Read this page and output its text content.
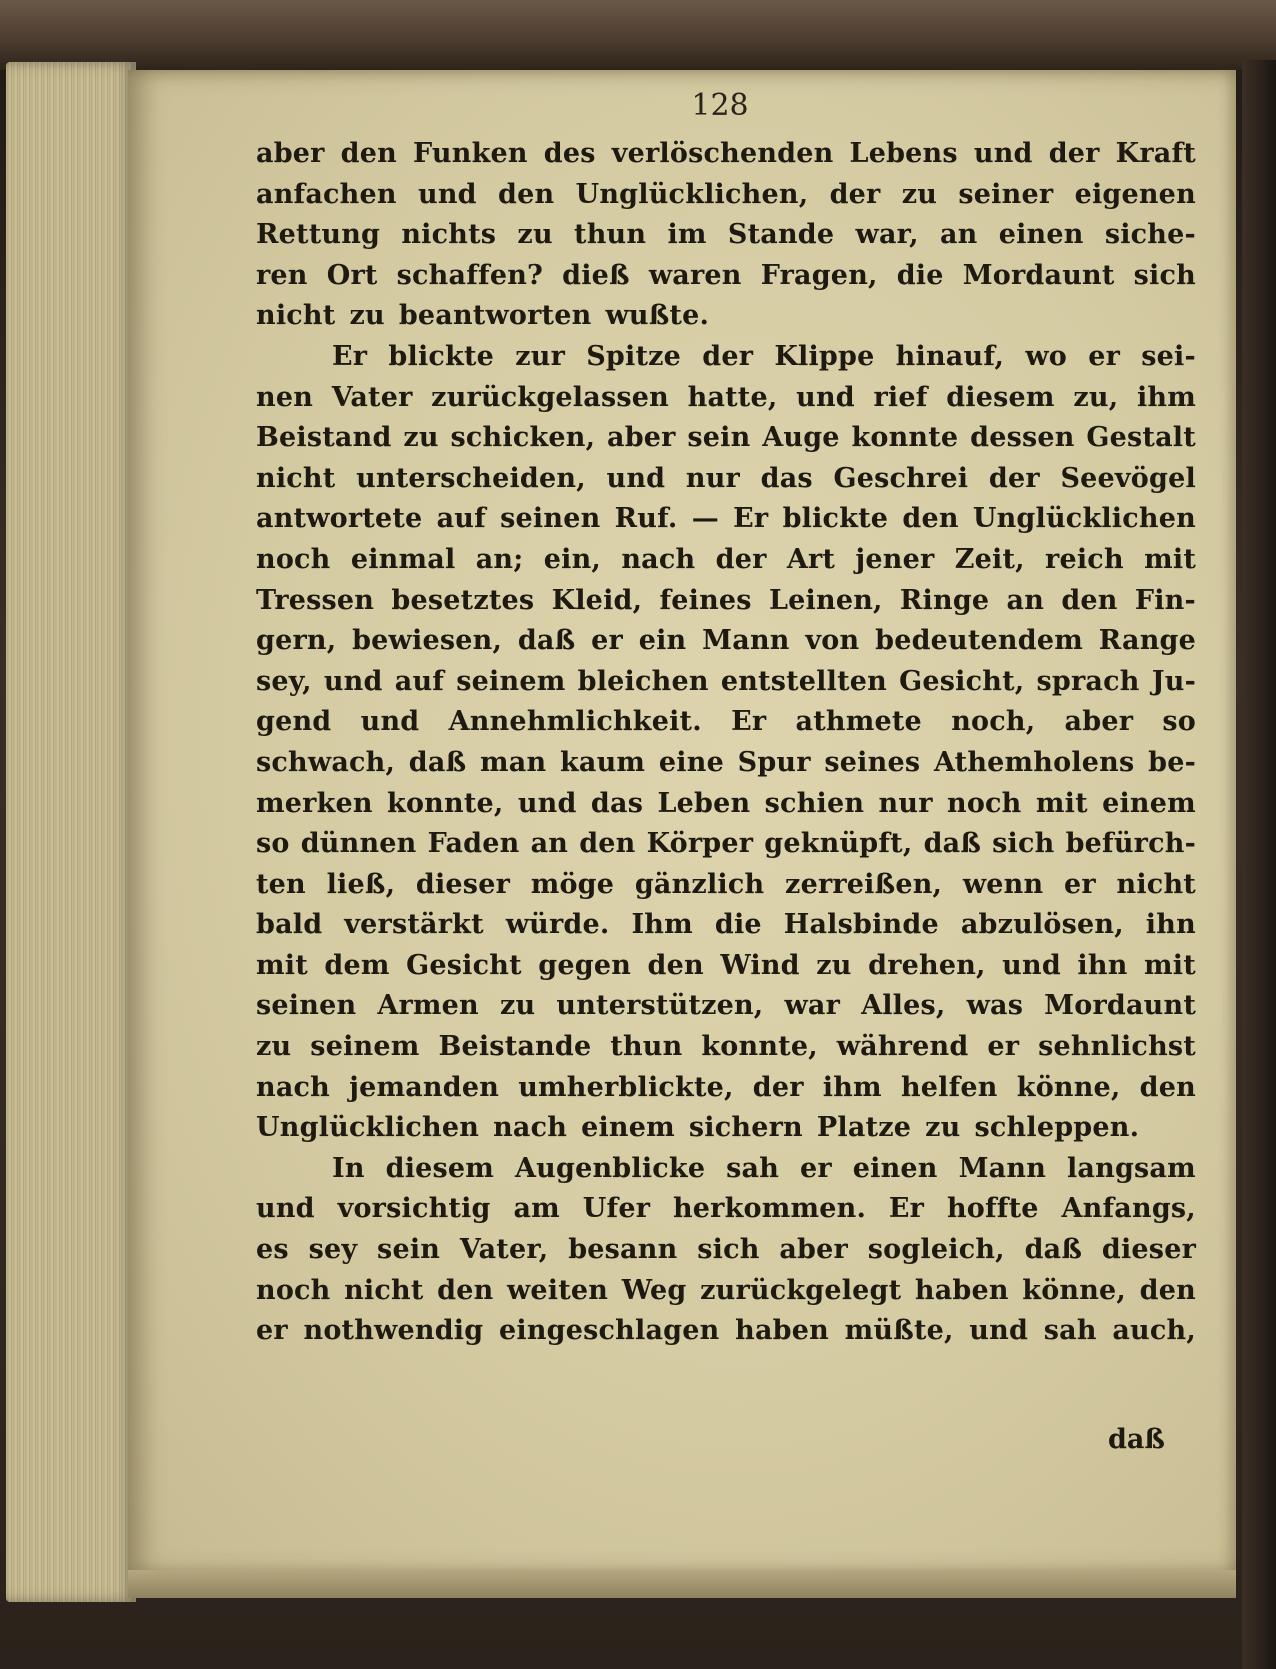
128
aber den Funken des verlöschenden Lebens und der Kraft
anfachen und den Unglücklichen, der zu seiner eigenen
Rettung nichts zu thun im Stande war, an einen siche-
ren Ort schaffen? dieß waren Fragen, die Mordaunt sich
nicht zu beantworten wußte.
Er blickte zur Spitze der Klippe hinauf, wo er sei-
nen Vater zurückgelassen hatte, und rief diesem zu, ihm
Beistand zu schicken, aber sein Auge konnte dessen Gestalt
nicht unterscheiden, und nur das Geschrei der Seevögel
antwortete auf seinen Ruf. — Er blickte den Unglücklichen
noch einmal an; ein, nach der Art jener Zeit, reich mit
Tressen besetztes Kleid, feines Leinen, Ringe an den Fin-
gern, bewiesen, daß er ein Mann von bedeutendem Range
sey, und auf seinem bleichen entstellten Gesicht, sprach Ju-
gend und Annehmlichkeit. Er athmete noch, aber so
schwach, daß man kaum eine Spur seines Athemholens be-
merken konnte, und das Leben schien nur noch mit einem
so dünnen Faden an den Körper geknüpft, daß sich befürch-
ten ließ, dieser möge gänzlich zerreißen, wenn er nicht
bald verstärkt würde. Ihm die Halsbinde abzulösen, ihn
mit dem Gesicht gegen den Wind zu drehen, und ihn mit
seinen Armen zu unterstützen, war Alles, was Mordaunt
zu seinem Beistande thun konnte, während er sehnlichst
nach jemanden umherblickte, der ihm helfen könne, den
Unglücklichen nach einem sichern Platze zu schleppen.
In diesem Augenblicke sah er einen Mann langsam
und vorsichtig am Ufer herkommen. Er hoffte Anfangs,
es sey sein Vater, besann sich aber sogleich, daß dieser
noch nicht den weiten Weg zurückgelegt haben könne, den
er nothwendig eingeschlagen haben müßte, und sah auch,
daß
